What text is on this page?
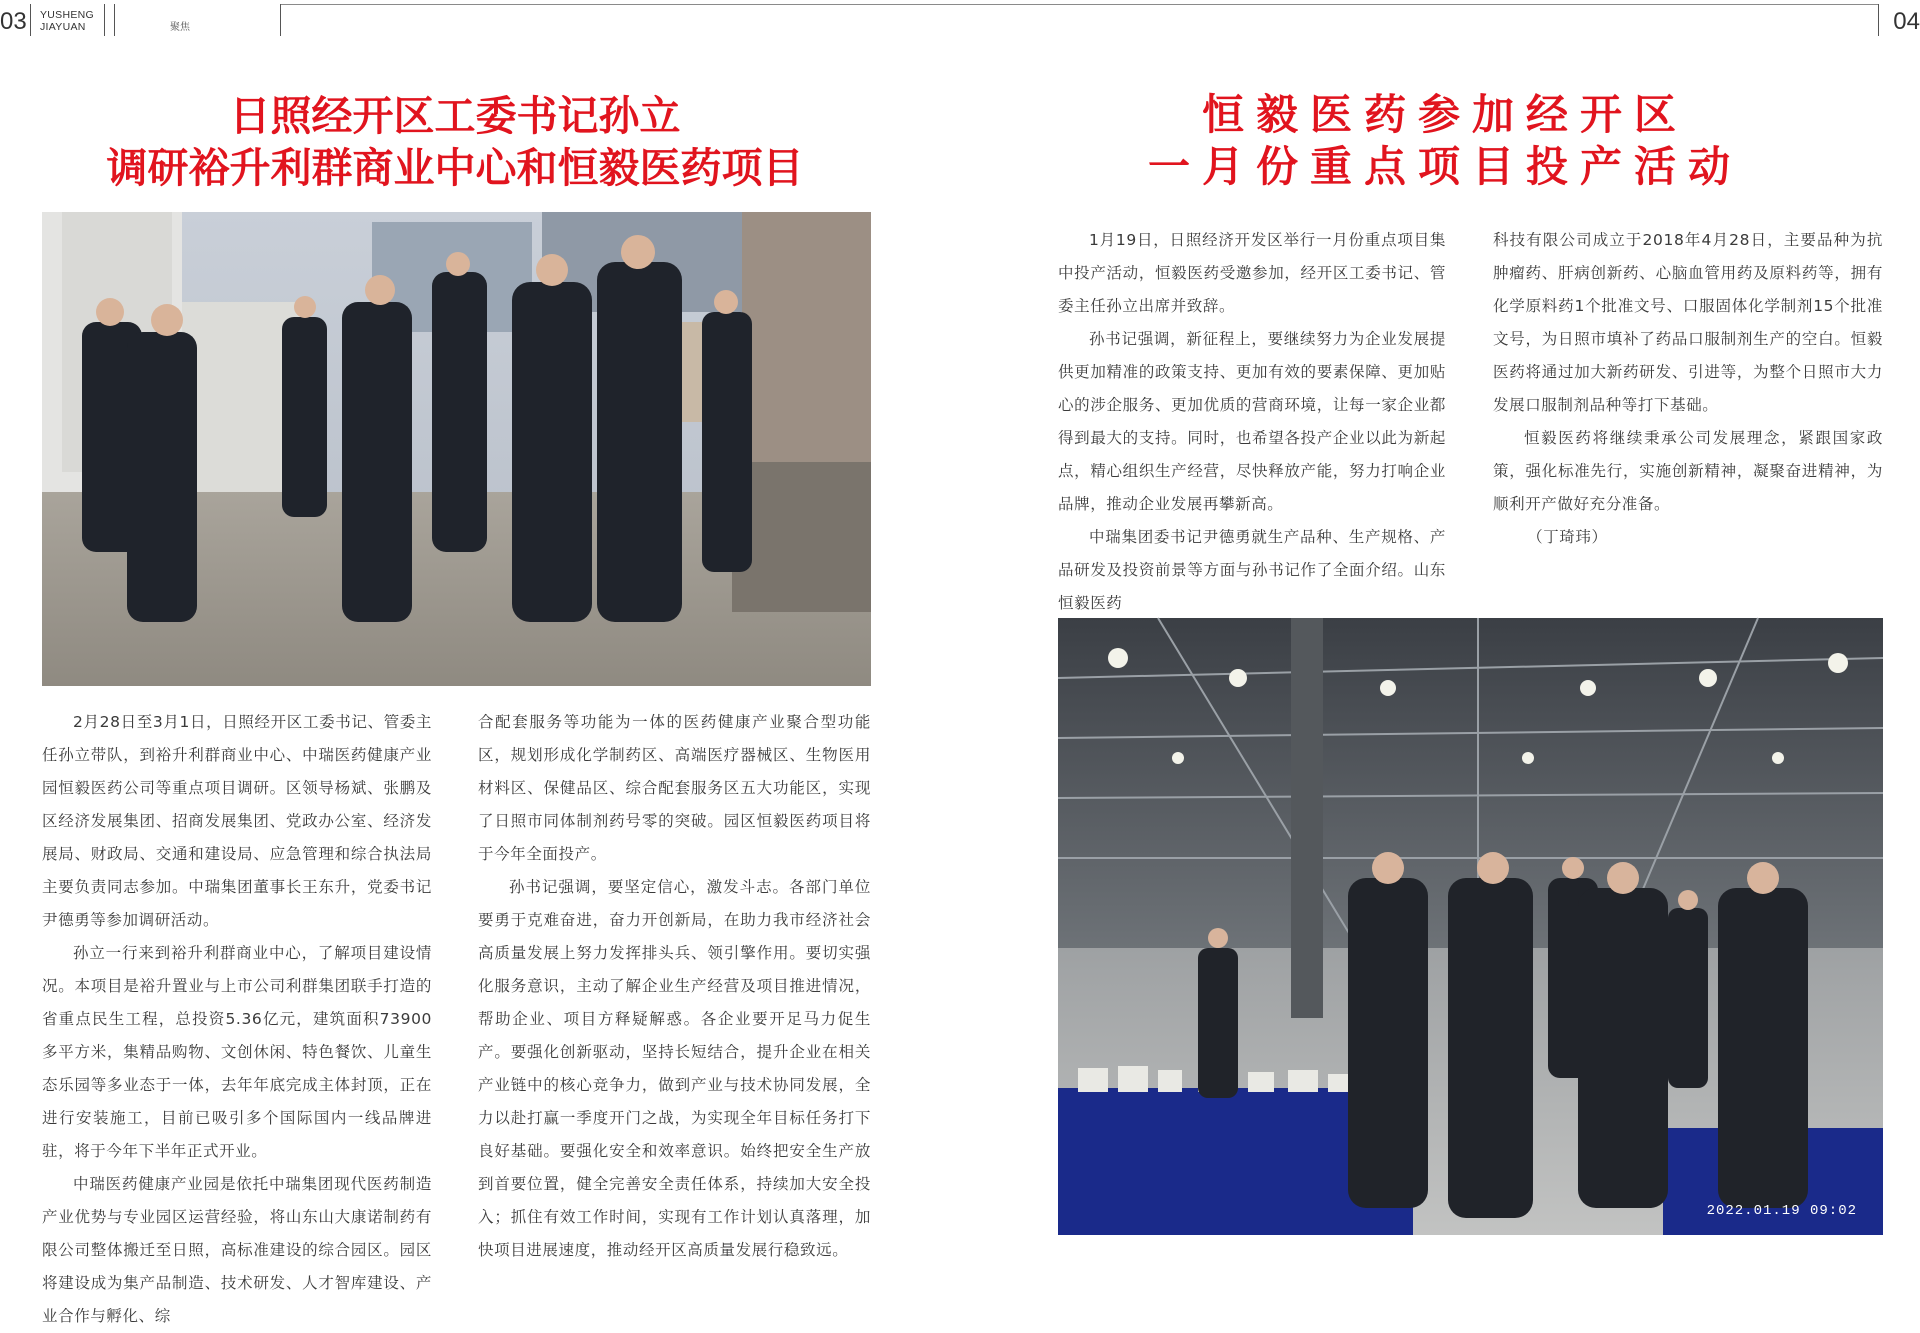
03 YUSHENG
JIAYUAN	聚焦	04
日照经开区工委书记孙立
调研裕升利群商业中心和恒毅医药项目

2月28日至3月1日，日照经开区工委书记、管委主任孙立带队，到裕升利群商业中心、中瑞医药健康产业园恒毅医药公司等重点项目调研。区领导杨斌、张鹏及区经济发展集团、招商发展集团、党政办公室、经济发展局、财政局、交通和建设局、应急管理和综合执法局主要负责同志参加。中瑞集团董事长王东升，党委书记尹德勇等参加调研活动。

孙立一行来到裕升利群商业中心，了解项目建设情况。本项目是裕升置业与上市公司利群集团联手打造的省重点民生工程，总投资5.36亿元，建筑面积73900多平方米，集精品购物、文创休闲、特色餐饮、儿童生态乐园等多业态于一体，去年年底完成主体封顶，正在进行安装施工，目前已吸引多个国际国内一线品牌进驻，将于今年下半年正式开业。

中瑞医药健康产业园是依托中瑞集团现代医药制造产业优势与专业园区运营经验，将山东山大康诺制药有限公司整体搬迁至日照，高标准建设的综合园区。园区将建设成为集产品制造、技术研发、人才智库建设、产业合作与孵化、综

合配套服务等功能为一体的医药健康产业聚合型功能区，规划形成化学制药区、高端医疗器械区、生物医用材料区、保健品区、综合配套服务区五大功能区，实现了日照市同体制剂药号零的突破。园区恒毅医药项目将于今年全面投产。

孙书记强调，要坚定信心，激发斗志。各部门单位要勇于克难奋进，奋力开创新局，在助力我市经济社会高质量发展上努力发挥排头兵、领引擎作用。要切实强化服务意识，主动了解企业生产经营及项目推进情况，帮助企业、项目方释疑解惑。各企业要开足马力促生产。要强化创新驱动，坚持长短结合，提升企业在相关产业链中的核心竞争力，做到产业与技术协同发展，全力以赴打赢一季度开门之战，为实现全年目标任务打下良好基础。要强化安全和效率意识。始终把安全生产放到首要位置，健全完善安全责任体系，持续加大安全投入；抓住有效工作时间，实现有工作计划认真落理，加快项目进展速度，推动经开区高质量发展行稳致远。

恒毅医药参加经开区
一月份重点项目投产活动

1月19日，日照经济开发区举行一月份重点项目集中投产活动，恒毅医药受邀参加，经开区工委书记、管委主任孙立出席并致辞。

孙书记强调，新征程上，要继续努力为企业发展提供更加精准的政策支持、更加有效的要素保障、更加贴心的涉企服务、更加优质的营商环境，让每一家企业都得到最大的支持。同时，也希望各投产企业以此为新起点，精心组织生产经营，尽快释放产能，努力打响企业品牌，推动企业发展再攀新高。

中瑞集团委书记尹德勇就生产品种、生产规格、产品研发及投资前景等方面与孙书记作了全面介绍。山东恒毅医药

科技有限公司成立于2018年4月28日，主要品种为抗肿瘤药、肝病创新药、心脑血管用药及原料药等，拥有化学原料药1个批准文号、口服固体化学制剂15个批准文号，为日照市填补了药品口服制剂生产的空白。恒毅医药将通过加大新药研发、引进等，为整个日照市大力发展口服制剂品种等打下基础。

恒毅医药将继续秉承公司发展理念，紧跟国家政策，强化标准先行，实施创新精神，凝聚奋进精神，为顺利开产做好充分准备。

（丁琦玮）

2022.01.19 09:02
